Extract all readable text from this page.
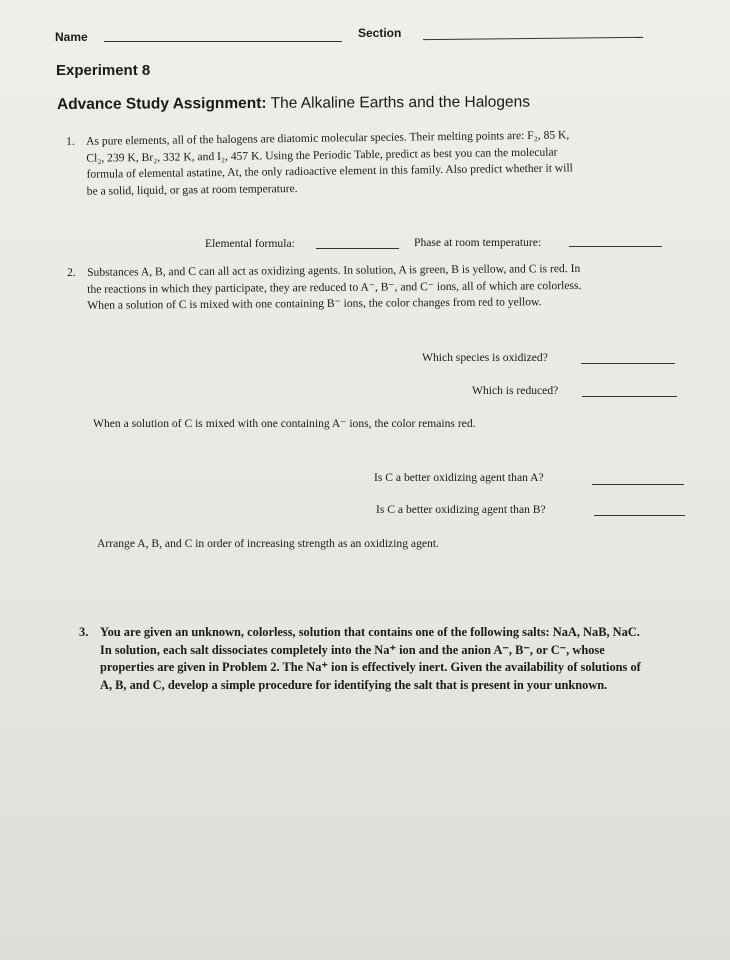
Name	Section
Experiment 8
Advance Study Assignment: The Alkaline Earths and the Halogens
1. As pure elements, all of the halogens are diatomic molecular species. Their melting points are: F₂, 85 K,
Cl₂, 239 K, Br₂, 332 K, and I₂, 457 K. Using the Periodic Table, predict as best you can the molecular
formula of elemental astatine, At, the only radioactive element in this family. Also predict whether it will
be a solid, liquid, or gas at room temperature.
Elemental formula:	Phase at room temperature:
2. Substances A, B, and C can all act as oxidizing agents. In solution, A is green, B is yellow, and C is red. In
the reactions in which they participate, they are reduced to A⁻, B⁻, and C⁻ ions, all of which are colorless.
When a solution of C is mixed with one containing B⁻ ions, the color changes from red to yellow.
Which species is oxidized?
Which is reduced?
When a solution of C is mixed with one containing A⁻ ions, the color remains red.
Is C a better oxidizing agent than A?
Is C a better oxidizing agent than B?
Arrange A, B, and C in order of increasing strength as an oxidizing agent.
3. You are given an unknown, colorless, solution that contains one of the following salts: NaA, NaB, NaC.
In solution, each salt dissociates completely into the Na⁺ ion and the anion A⁻, B⁻, or C⁻, whose
properties are given in Problem 2. The Na⁺ ion is effectively inert. Given the availability of solutions of
A, B, and C, develop a simple procedure for identifying the salt that is present in your unknown.
